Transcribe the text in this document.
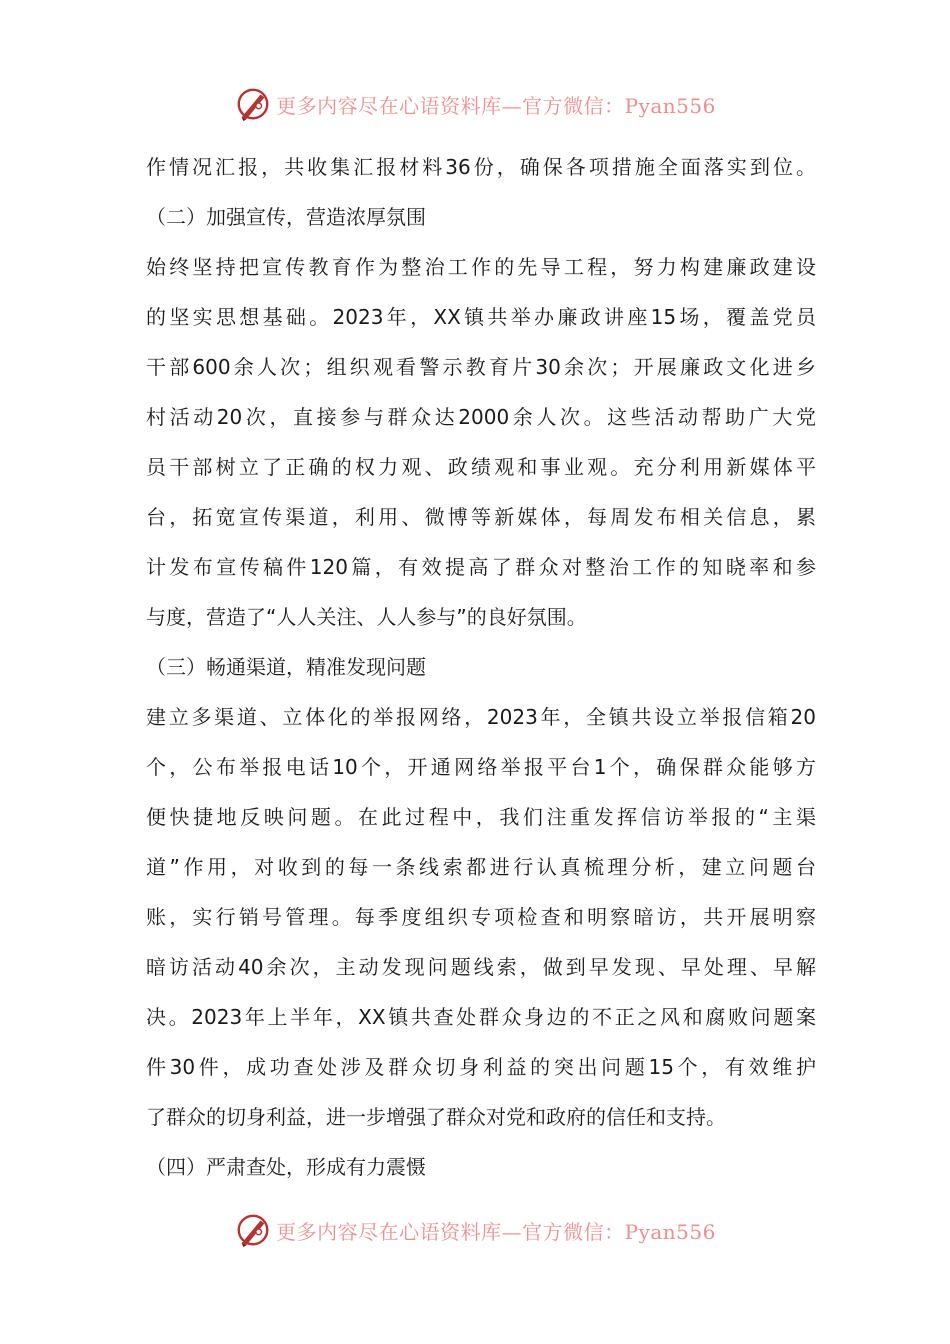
更多内容尽在心语资料库—官方微信：Pyan556
作情况汇报，共收集汇报材料36份，确保各项措施全面落实到位。
（二）加强宣传，营造浓厚氛围
始终坚持把宣传教育作为整治工作的先导工程，努力构建廉政建设
的坚实思想基础。2023年，XX镇共举办廉政讲座15场，覆盖党员
干部600余人次；组织观看警示教育片30余次；开展廉政文化进乡
村活动20次，直接参与群众达2000余人次。这些活动帮助广大党
员干部树立了正确的权力观、政绩观和事业观。充分利用新媒体平
台，拓宽宣传渠道，利用、微博等新媒体，每周发布相关信息，累
计发布宣传稿件120篇，有效提高了群众对整治工作的知晓率和参
与度，营造了“人人关注、人人参与”的良好氛围。
（三）畅通渠道，精准发现问题
建立多渠道、立体化的举报网络，2023年，全镇共设立举报信箱20
个，公布举报电话10个，开通网络举报平台1个，确保群众能够方
便快捷地反映问题。在此过程中，我们注重发挥信访举报的“主渠
道”作用，对收到的每一条线索都进行认真梳理分析，建立问题台
账，实行销号管理。每季度组织专项检查和明察暗访，共开展明察
暗访活动40余次，主动发现问题线索，做到早发现、早处理、早解
决。2023年上半年，XX镇共查处群众身边的不正之风和腐败问题案
件30件，成功查处涉及群众切身利益的突出问题15个，有效维护
了群众的切身利益，进一步增强了群众对党和政府的信任和支持。
（四）严肃查处，形成有力震慑
更多内容尽在心语资料库—官方微信：Pyan556
